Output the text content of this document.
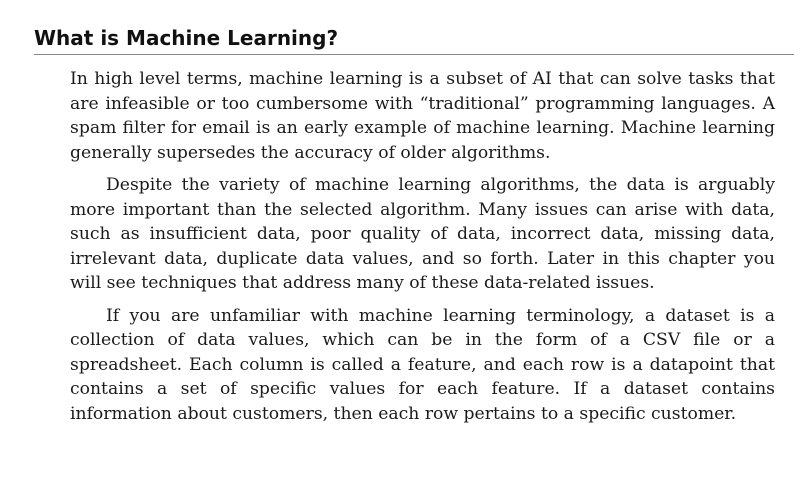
What is Machine Learning?

In high level terms, machine learning is a subset of AI that can solve tasks that are infeasible or too cumbersome with “traditional” programming languages. A spam filter for email is an early example of machine learning. Machine learning generally supersedes the accuracy of older algorithms.

Despite the variety of machine learning algorithms, the data is arguably more important than the selected algorithm. Many issues can arise with data, such as insufficient data, poor quality of data, incorrect data, missing data, irrelevant data, duplicate data values, and so forth. Later in this chapter you will see techniques that address many of these data-related issues.

If you are unfamiliar with machine learning terminology, a dataset is a collection of data values, which can be in the form of a CSV file or a spreadsheet. Each column is called a feature, and each row is a datapoint that contains a set of specific values for each feature. If a dataset contains information about customers, then each row pertains to a specific customer.
